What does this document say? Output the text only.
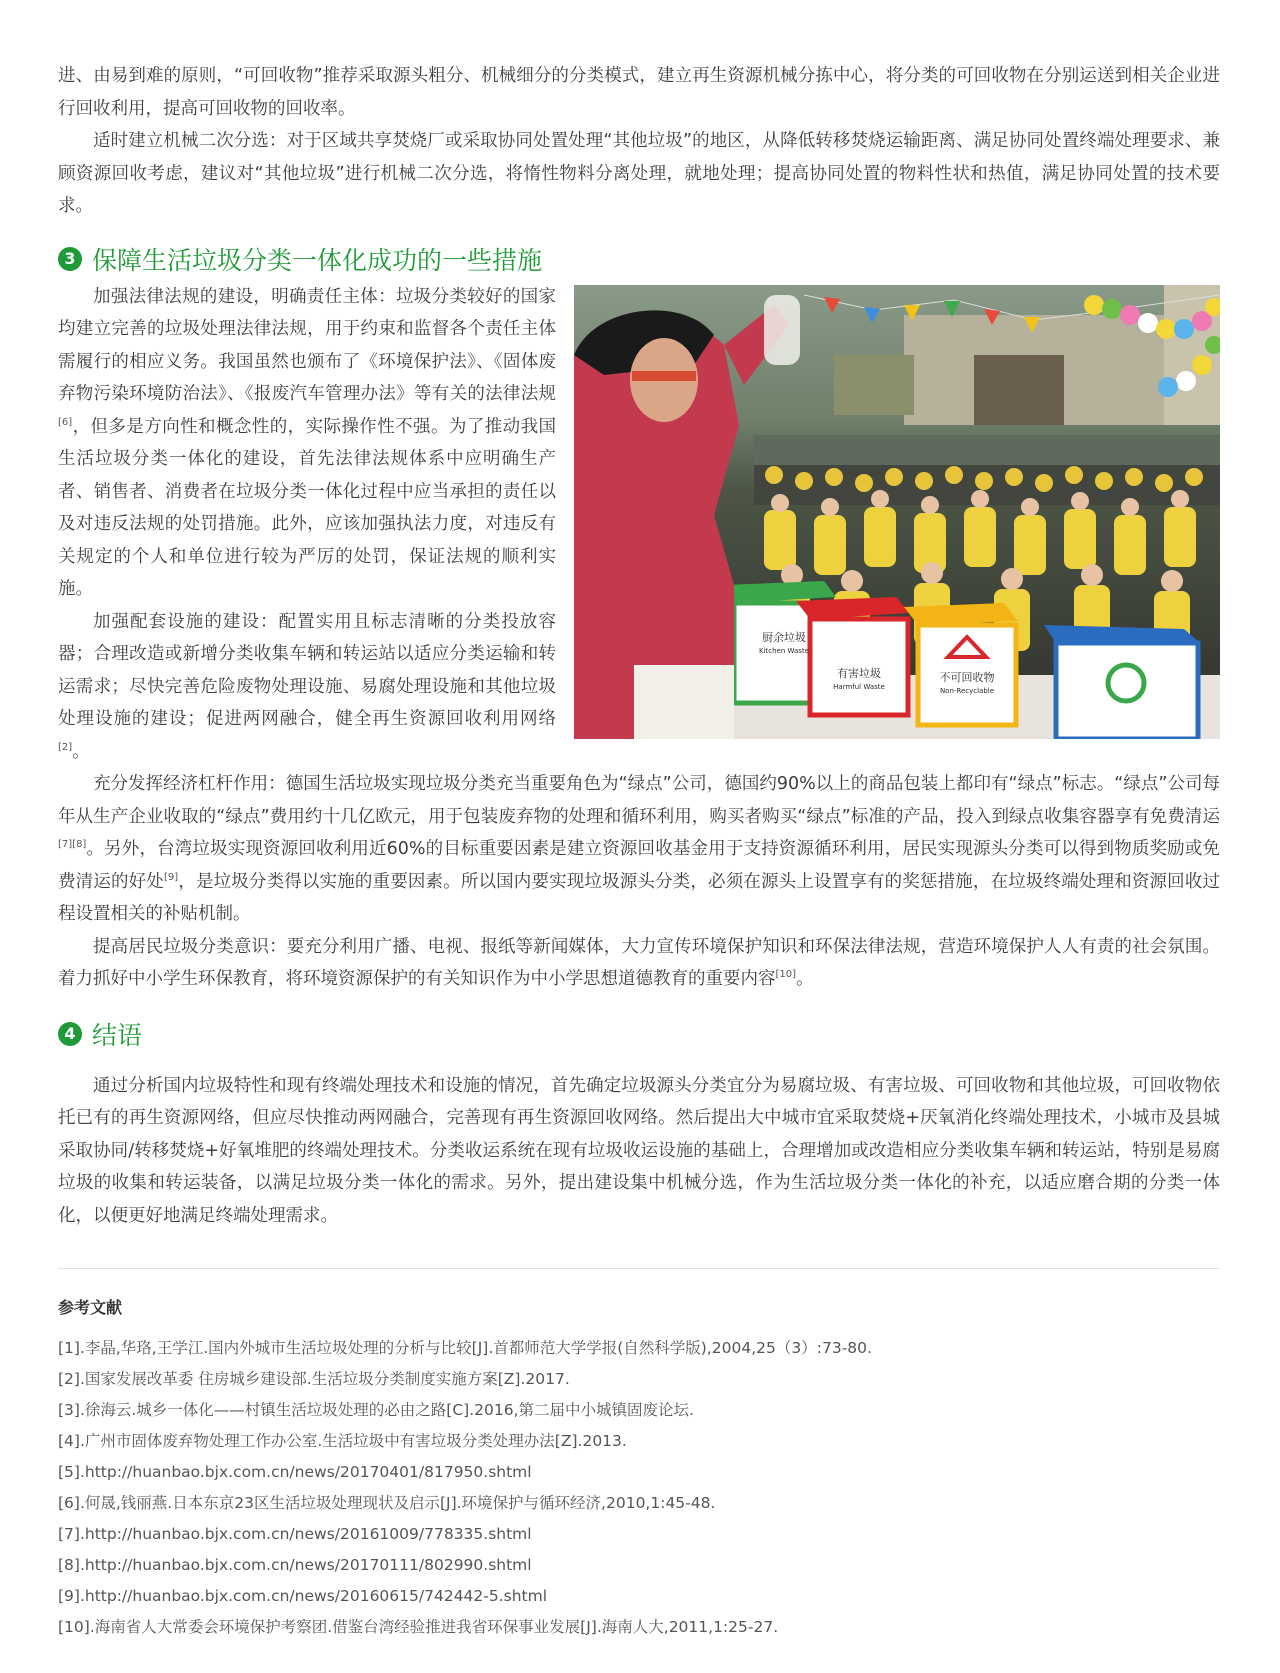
进、由易到难的原则，“可回收物”推荐采取源头粗分、机械细分的分类模式，建立再生资源机械分拣中心，将分类的可回收物在分别运送到相关企业进行回收利用，提高可回收物的回收率。

适时建立机械二次分选：对于区域共享焚烧厂或采取协同处置处理“其他垃圾”的地区，从降低转移焚烧运输距离、满足协同处置终端处理要求、兼顾资源回收考虑，建议对“其他垃圾”进行机械二次分选，将惰性物料分离处理，就地处理；提高协同处置的物料性状和热值，满足协同处置的技术要求。

3 保障生活垃圾分类一体化成功的一些措施
厨余垃圾
Kitchen Waste
有害垃圾
Harmful Waste
不可回收物
Non-Recyclable

加强法律法规的建设，明确责任主体：垃圾分类较好的国家均建立完善的垃圾处理法律法规，用于约束和监督各个责任主体需履行的相应义务。我国虽然也颁布了《环境保护法》、《固体废弃物污染环境防治法》、《报废汽车管理办法》等有关的法律法规[6]，但多是方向性和概念性的，实际操作性不强。为了推动我国生活垃圾分类一体化的建设，首先法律法规体系中应明确生产者、销售者、消费者在垃圾分类一体化过程中应当承担的责任以及对违反法规的处罚措施。此外，应该加强执法力度，对违反有关规定的个人和单位进行较为严厉的处罚，保证法规的顺利实施。

加强配套设施的建设：配置实用且标志清晰的分类投放容器；合理改造或新增分类收集车辆和转运站以适应分类运输和转运需求；尽快完善危险废物处理设施、易腐处理设施和其他垃圾处理设施的建设；促进两网融合，健全再生资源回收利用网络[2]。

充分发挥经济杠杆作用：德国生活垃圾实现垃圾分类充当重要角色为“绿点”公司，德国约90%以上的商品包装上都印有“绿点”标志。“绿点”公司每年从生产企业收取的“绿点”费用约十几亿欧元，用于包装废弃物的处理和循环利用，购买者购买“绿点”标准的产品，投入到绿点收集容器享有免费清运[7][8]。另外，台湾垃圾实现资源回收利用近60%的目标重要因素是建立资源回收基金用于支持资源循环利用，居民实现源头分类可以得到物质奖励或免费清运的好处[9]，是垃圾分类得以实施的重要因素。所以国内要实现垃圾源头分类，必须在源头上设置享有的奖惩措施，在垃圾终端处理和资源回收过程设置相关的补贴机制。

提高居民垃圾分类意识：要充分利用广播、电视、报纸等新闻媒体，大力宣传环境保护知识和环保法律法规，营造环境保护人人有责的社会氛围。着力抓好中小学生环保教育，将环境资源保护的有关知识作为中小学思想道德教育的重要内容[10]。

4 结语

通过分析国内垃圾特性和现有终端处理技术和设施的情况，首先确定垃圾源头分类宜分为易腐垃圾、有害垃圾、可回收物和其他垃圾，可回收物依托已有的再生资源网络，但应尽快推动两网融合，完善现有再生资源回收网络。然后提出大中城市宜采取焚烧+厌氧消化终端处理技术，小城市及县城采取协同/转移焚烧+好氧堆肥的终端处理技术。分类收运系统在现有垃圾收运设施的基础上，合理增加或改造相应分类收集车辆和转运站，特别是易腐垃圾的收集和转运装备，以满足垃圾分类一体化的需求。另外，提出建设集中机械分选，作为生活垃圾分类一体化的补充，以适应磨合期的分类一体化，以便更好地满足终端处理需求。

参考文献
[1].李晶,华珞,王学江.国内外城市生活垃圾处理的分析与比较[J].首都师范大学学报(自然科学版),2004,25（3）:73-80.
[2].国家发展改革委 住房城乡建设部.生活垃圾分类制度实施方案[Z].2017.
[3].徐海云.城乡一体化——村镇生活垃圾处理的必由之路[C].2016,第二届中小城镇固废论坛.
[4].广州市固体废弃物处理工作办公室.生活垃圾中有害垃圾分类处理办法[Z].2013.
[5].http://huanbao.bjx.com.cn/news/20170401/817950.shtml
[6].何晟,钱丽燕.日本东京23区生活垃圾处理现状及启示[J].环境保护与循环经济,2010,1:45-48.
[7].http://huanbao.bjx.com.cn/news/20161009/778335.shtml
[8].http://huanbao.bjx.com.cn/news/20170111/802990.shtml
[9].http://huanbao.bjx.com.cn/news/20160615/742442-5.shtml
[10].海南省人大常委会环境保护考察团.借鉴台湾经验推进我省环保事业发展[J].海南人大,2011,1:25-27.
